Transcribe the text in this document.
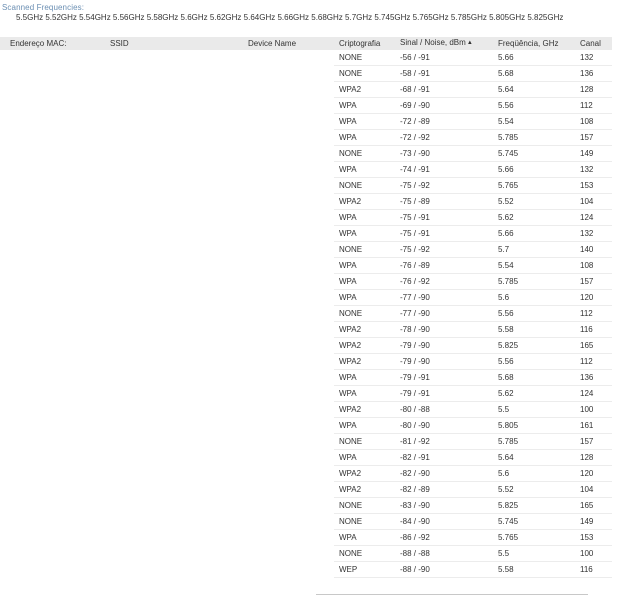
Scanned Frequencies:
5.5GHz 5.52GHz 5.54GHz 5.56GHz 5.58GHz 5.6GHz 5.62GHz 5.64GHz 5.66GHz 5.68GHz 5.7GHz 5.745GHz 5.765GHz 5.785GHz 5.805GHz 5.825GHz
Endereço MAC:	SSID	Device Name	Criptografia	Sinal / Noise, dBm▲	Freqüência, GHz	Canal
			NONE	-56 / -91	5.66	132
			NONE	-58 / -91	5.68	136
			WPA2	-68 / -91	5.64	128
			WPA	-69 / -90	5.56	112
			WPA	-72 / -89	5.54	108
			WPA	-72 / -92	5.785	157
			NONE	-73 / -90	5.745	149
			WPA	-74 / -91	5.66	132
			NONE	-75 / -92	5.765	153
			WPA2	-75 / -89	5.52	104
			WPA	-75 / -91	5.62	124
			WPA	-75 / -91	5.66	132
			NONE	-75 / -92	5.7	140
			WPA	-76 / -89	5.54	108
			WPA	-76 / -92	5.785	157
			WPA	-77 / -90	5.6	120
			NONE	-77 / -90	5.56	112
			WPA2	-78 / -90	5.58	116
			WPA2	-79 / -90	5.825	165
			WPA2	-79 / -90	5.56	112
			WPA	-79 / -91	5.68	136
			WPA	-79 / -91	5.62	124
			WPA2	-80 / -88	5.5	100
			WPA	-80 / -90	5.805	161
			NONE	-81 / -92	5.785	157
			WPA	-82 / -91	5.64	128
			WPA2	-82 / -90	5.6	120
			WPA2	-82 / -89	5.52	104
			NONE	-83 / -90	5.825	165
			NONE	-84 / -90	5.745	149
			WPA	-86 / -92	5.765	153
			NONE	-88 / -88	5.5	100
			WEP	-88 / -90	5.58	116
